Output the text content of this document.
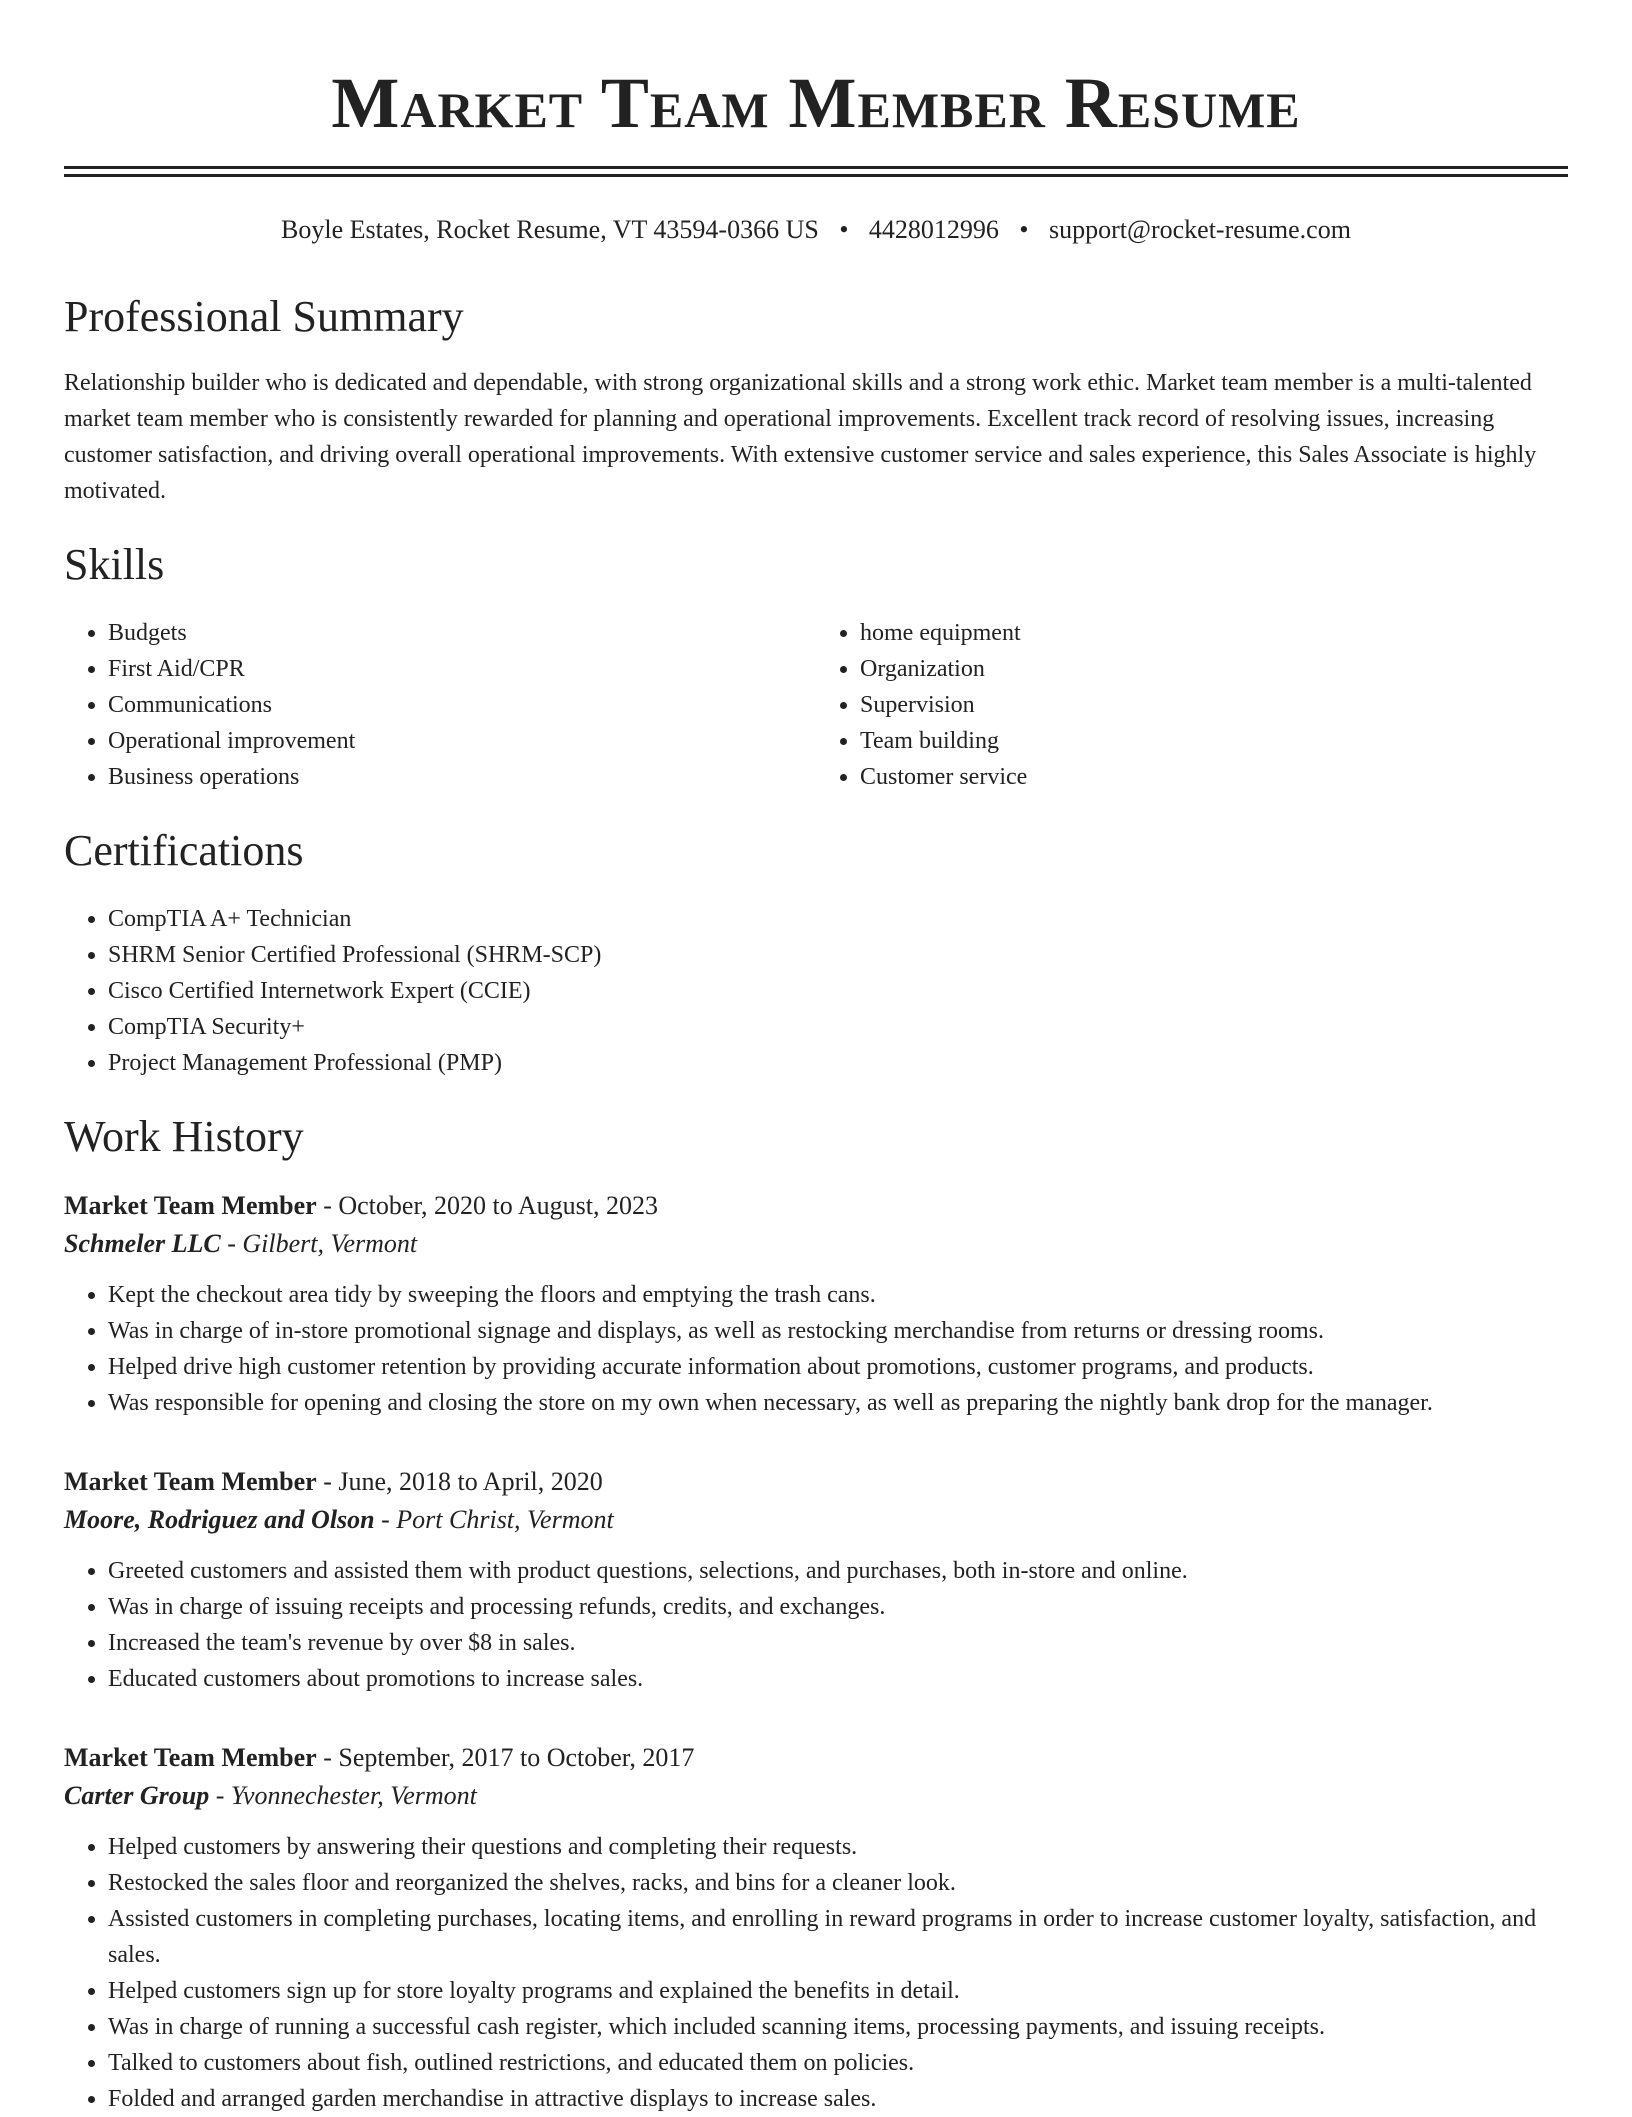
Market Team Member Resume
Boyle Estates, Rocket Resume, VT 43594-0366 US • 4428012996 • support@rocket-resume.com
Professional Summary

Relationship builder who is dedicated and dependable, with strong organizational skills and a strong work ethic. Market team member is a multi-talented market team member who is consistently rewarded for planning and operational improvements. Excellent track record of resolving issues, increasing customer satisfaction, and driving overall operational improvements. With extensive customer service and sales experience, this Sales Associate is highly motivated.

Skills
• Budgets
• First Aid/CPR
• Communications
• Operational improvement
• Business operations
• home equipment
• Organization
• Supervision
• Team building
• Customer service
Certifications
• CompTIA A+ Technician
• SHRM Senior Certified Professional (SHRM-SCP)
• Cisco Certified Internetwork Expert (CCIE)
• CompTIA Security+
• Project Management Professional (PMP)
Work History
Market Team Member - October, 2020 to August, 2023
Schmeler LLC - Gilbert, Vermont
• Kept the checkout area tidy by sweeping the floors and emptying the trash cans.
• Was in charge of in-store promotional signage and displays, as well as restocking merchandise from returns or dressing rooms.
• Helped drive high customer retention by providing accurate information about promotions, customer programs, and products.
• Was responsible for opening and closing the store on my own when necessary, as well as preparing the nightly bank drop for the manager.
Market Team Member - June, 2018 to April, 2020
Moore, Rodriguez and Olson - Port Christ, Vermont
• Greeted customers and assisted them with product questions, selections, and purchases, both in-store and online.
• Was in charge of issuing receipts and processing refunds, credits, and exchanges.
• Increased the team's revenue by over $8 in sales.
• Educated customers about promotions to increase sales.
Market Team Member - September, 2017 to October, 2017
Carter Group - Yvonnechester, Vermont
• Helped customers by answering their questions and completing their requests.
• Restocked the sales floor and reorganized the shelves, racks, and bins for a cleaner look.
• Assisted customers in completing purchases, locating items, and enrolling in reward programs in order to increase customer loyalty, satisfaction, and sales.
• Helped customers sign up for store loyalty programs and explained the benefits in detail.
• Was in charge of running a successful cash register, which included scanning items, processing payments, and issuing receipts.
• Talked to customers about fish, outlined restrictions, and educated them on policies.
• Folded and arranged garden merchandise in attractive displays to increase sales.
